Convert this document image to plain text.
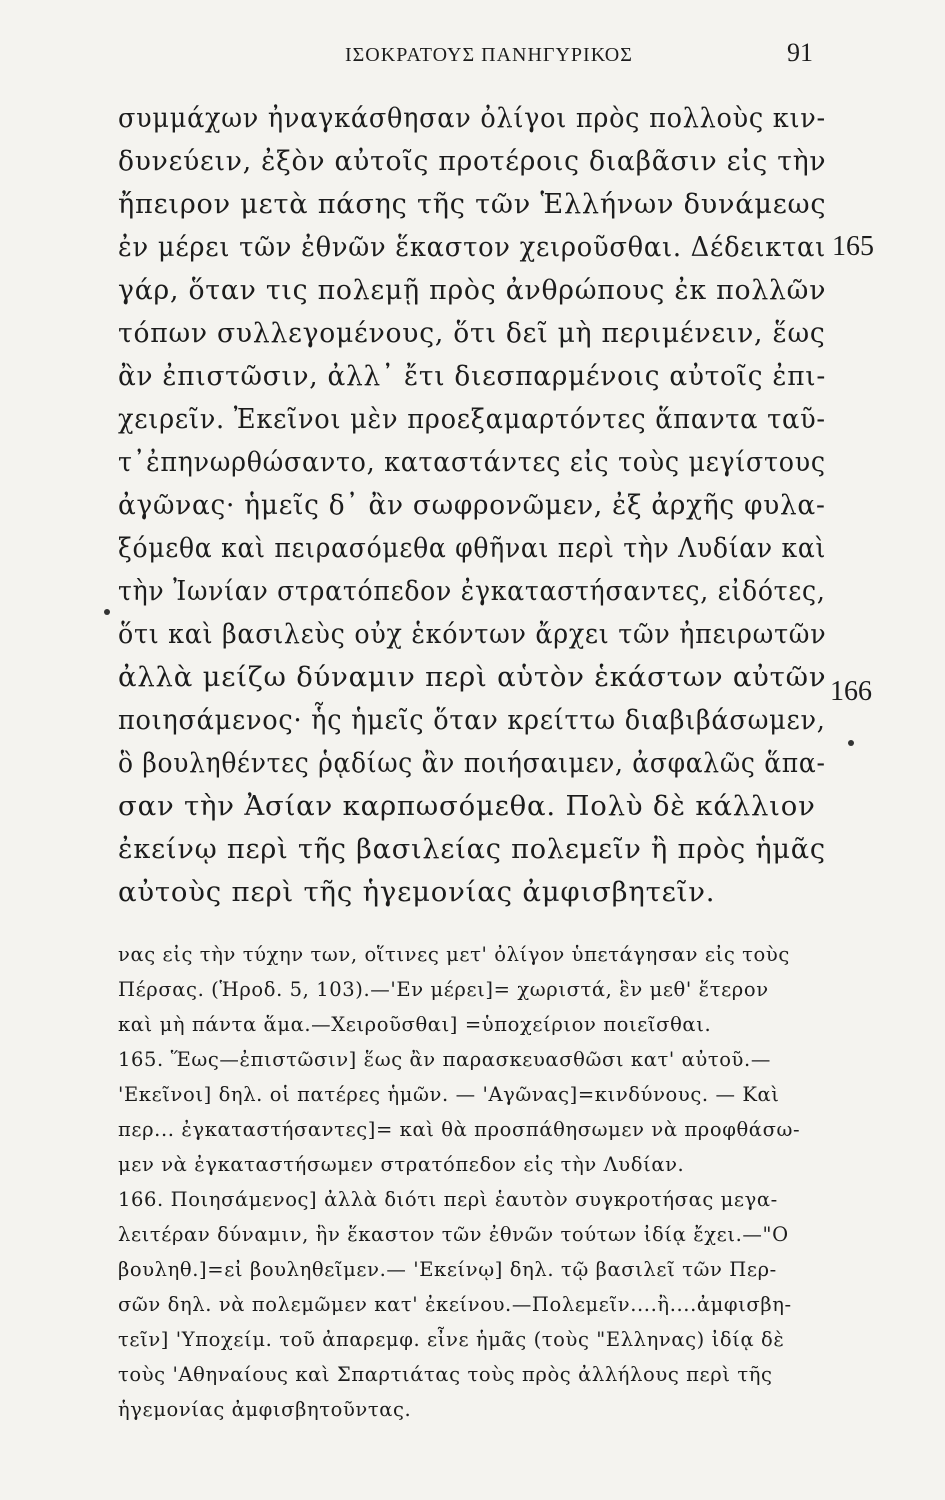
ΙΣΟΚΡΑΤΟΥΣ ΠΑΝΗΓΥΡΙΚΟΣ	91
συμμάχων ἠναγκάσθησαν ὀλίγοι πρὸς πολλοὺς κιν-
δυνεύειν, ἐξὸν αὐτοῖς προτέροις διαβᾶσιν εἰς τὴν
ἤπειρον μετὰ πάσης τῆς τῶν Ἑλλήνων δυνάμεως
ἐν μέρει τῶν ἐθνῶν ἕκαστον χειροῦσθαι. Δέδεικται
γάρ, ὅταν τις πολεμῇ πρὸς ἀνθρώπους ἐκ πολλῶν
τόπων συλλεγομένους, ὅτι δεῖ μὴ περιμένειν, ἕως
ἂν ἐπιστῶσιν, ἀλλ᾿ ἔτι διεσπαρμένοις αὐτοῖς ἐπι-
χειρεῖν. Ἐκεῖνοι μὲν προεξαμαρτόντες ἅπαντα ταῦ-
τ᾿ἐπηνωρθώσαντο, καταστάντες εἰς τοὺς μεγίστους
ἀγῶνας· ἡμεῖς δ᾿ ἂν σωφρονῶμεν, ἐξ ἀρχῆς φυλα-
ξόμεθα καὶ πειρασόμεθα φθῆναι περὶ τὴν Λυδίαν καὶ
τὴν Ἰωνίαν στρατόπεδον ἐγκαταστήσαντες, εἰδότες,
ὅτι καὶ βασιλεὺς οὐχ ἑκόντων ἄρχει τῶν ἠπειρωτῶν
ἀλλὰ μείζω δύναμιν περὶ αὑτὸν ἑκάστων αὐτῶν
ποιησάμενος· ἧς ἡμεῖς ὅταν κρείττω διαβιβάσωμεν,
ὃ βουληθέντες ῥᾳδίως ἂν ποιήσαιμεν, ἀσφαλῶς ἅπα-
σαν τὴν Ἀσίαν καρπωσόμεθα. Πολὺ δὲ κάλλιον
ἐκείνῳ περὶ τῆς βασιλείας πολεμεῖν ἢ πρὸς ἡμᾶς
αὐτοὺς περὶ τῆς ἡγεμονίας ἀμφισβητεῖν.
165
166
νας εἰς τὴν τύχην των, οἵτινες μετ' ὀλίγον ὑπετάγησαν εἰς τοὺς
Πέρσας. (Ἡροδ. 5, 103).—'Εν μέρει]= χωριστά, ἓν μεθ' ἕτερον
καὶ μὴ πάντα ἅμα.—Χειροῦσθαι] =ὑποχείριον ποιεῖσθαι.
165. Ἕως—ἐπιστῶσιν] ἕως ἂν παρασκευασθῶσι κατ' αὐτοῦ.—
'Εκεῖνοι] δηλ. οἱ πατέρες ἡμῶν. — 'Αγῶνας]=κινδύνους. — Καὶ
περ... ἐγκαταστήσαντες]= καὶ θὰ προσπάθησωμεν νὰ προφθάσω-
μεν νὰ ἐγκαταστήσωμεν στρατόπεδον εἰς τὴν Λυδίαν.
166. Ποιησάμενος] ἀλλὰ διότι περὶ ἑαυτὸν συγκροτήσας μεγα-
λειτέραν δύναμιν, ἣν ἕκαστον τῶν ἐθνῶν τούτων ἰδίᾳ ἔχει.—"Ο
βουληθ.]=εἰ βουληθεῖμεν.— 'Εκείνῳ] δηλ. τῷ βασιλεῖ τῶν Περ-
σῶν δηλ. νὰ πολεμῶμεν κατ' ἐκείνου.—Πολεμεῖν....ἢ....ἀμφισβη-
τεῖν] 'Υποχείμ. τοῦ ἀπαρεμφ. εἶνε ἡμᾶς (τοὺς "Ελληνας) ἰδίᾳ δὲ
τοὺς 'Αθηναίους καὶ Σπαρτιάτας τοὺς πρὸς ἀλλήλους περὶ τῆς
ἡγεμονίας ἀμφισβητοῦντας.
